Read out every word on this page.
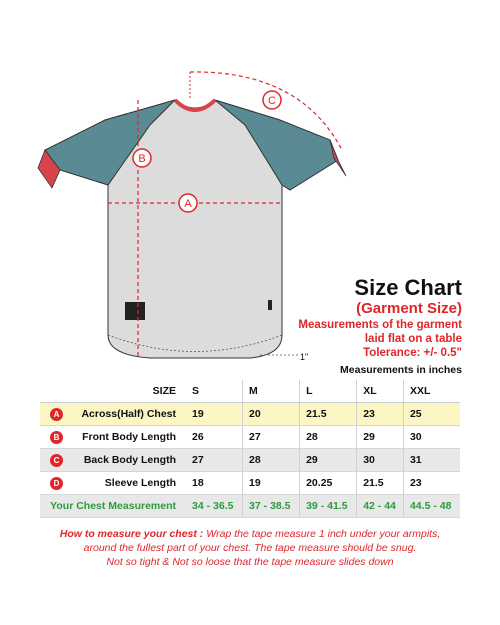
B
A
C
1"
Size Chart
(Garment Size)
Measurements of the garment
laid flat on a table
Tolerance: +/- 0.5"
Measurements in inches
SIZE	S	M	L	XL	XXL

A Across(Half) Chest	19	20	21.5	23	25

B Front Body Length	26	27	28	29	30

C Back Body Length	27	28	29	30	31

D Sleeve Length	18	19	20.25	21.5	23
Your Chest Measurement	34 - 36.5	37 - 38.5	39 - 41.5	42 - 44	44.5 - 48
How to measure your chest : Wrap the tape measure 1 inch under your armpits,
around the fullest part of your chest. The tape measure should be snug.
Not so tight & Not so loose that the tape measure slides down
